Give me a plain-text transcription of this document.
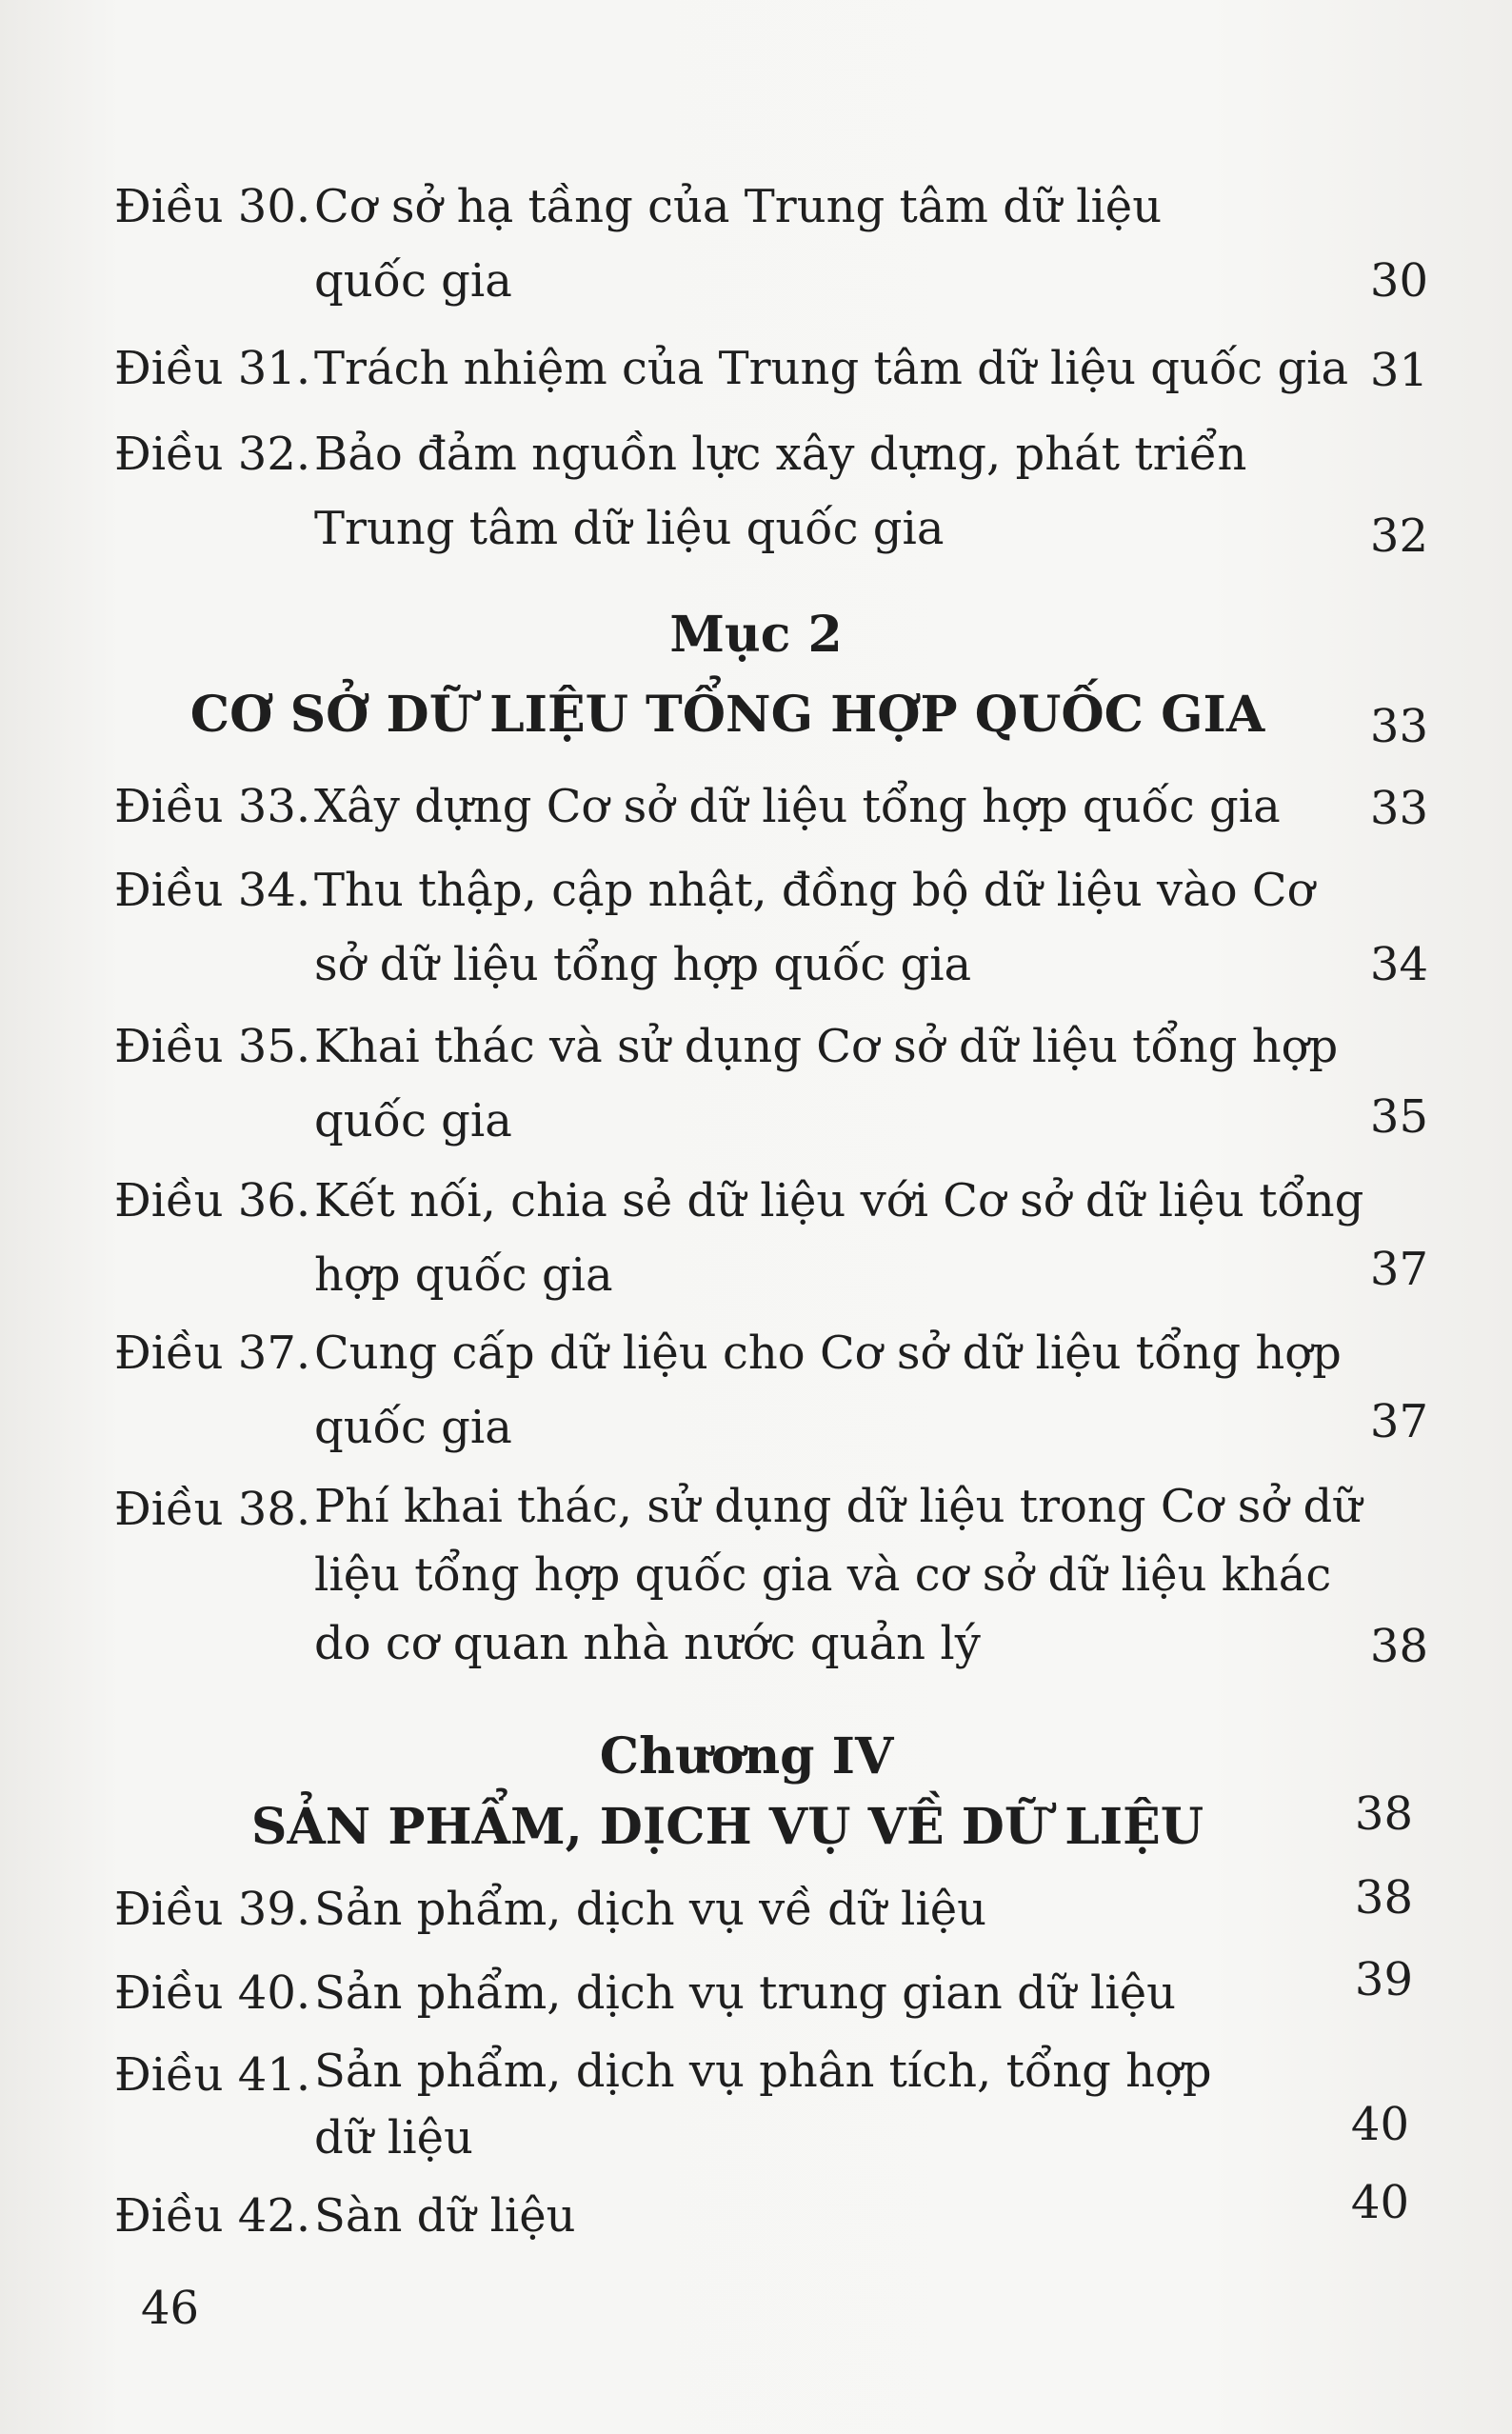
Điều 30. Cơ sở hạ tầng của Trung tâm dữ liệu
quốc gia	30
Điều 31. Trách nhiệm của Trung tâm dữ liệu quốc gia 31
Điều 32. Bảo đảm nguồn lực xây dựng, phát triển
Trung tâm dữ liệu quốc gia	32
Mục 2
CƠ SỞ DỮ LIỆU TỔNG HỢP QUỐC GIA	33
Điều 33. Xây dựng Cơ sở dữ liệu tổng hợp quốc gia	33
Điều 34. Thu thập, cập nhật, đồng bộ dữ liệu vào Cơ
sở dữ liệu tổng hợp quốc gia	34
Điều 35. Khai thác và sử dụng Cơ sở dữ liệu tổng hợp
quốc gia	35
Điều 36. Kết nối, chia sẻ dữ liệu với Cơ sở dữ liệu tổng
hợp quốc gia	37
Điều 37. Cung cấp dữ liệu cho Cơ sở dữ liệu tổng hợp
quốc gia	37
Điều 38. Phí khai thác, sử dụng dữ liệu trong Cơ sở dữ
liệu tổng hợp quốc gia và cơ sở dữ liệu khác
do cơ quan nhà nước quản lý	38
Chương IV
SẢN PHẨM, DỊCH VỤ VỀ DỮ LIỆU	38
Điều 39. Sản phẩm, dịch vụ về dữ liệu	38
Điều 40. Sản phẩm, dịch vụ trung gian dữ liệu	39
Điều 41. Sản phẩm, dịch vụ phân tích, tổng hợp
dữ liệu	40
Điều 42. Sàn dữ liệu	40
46
